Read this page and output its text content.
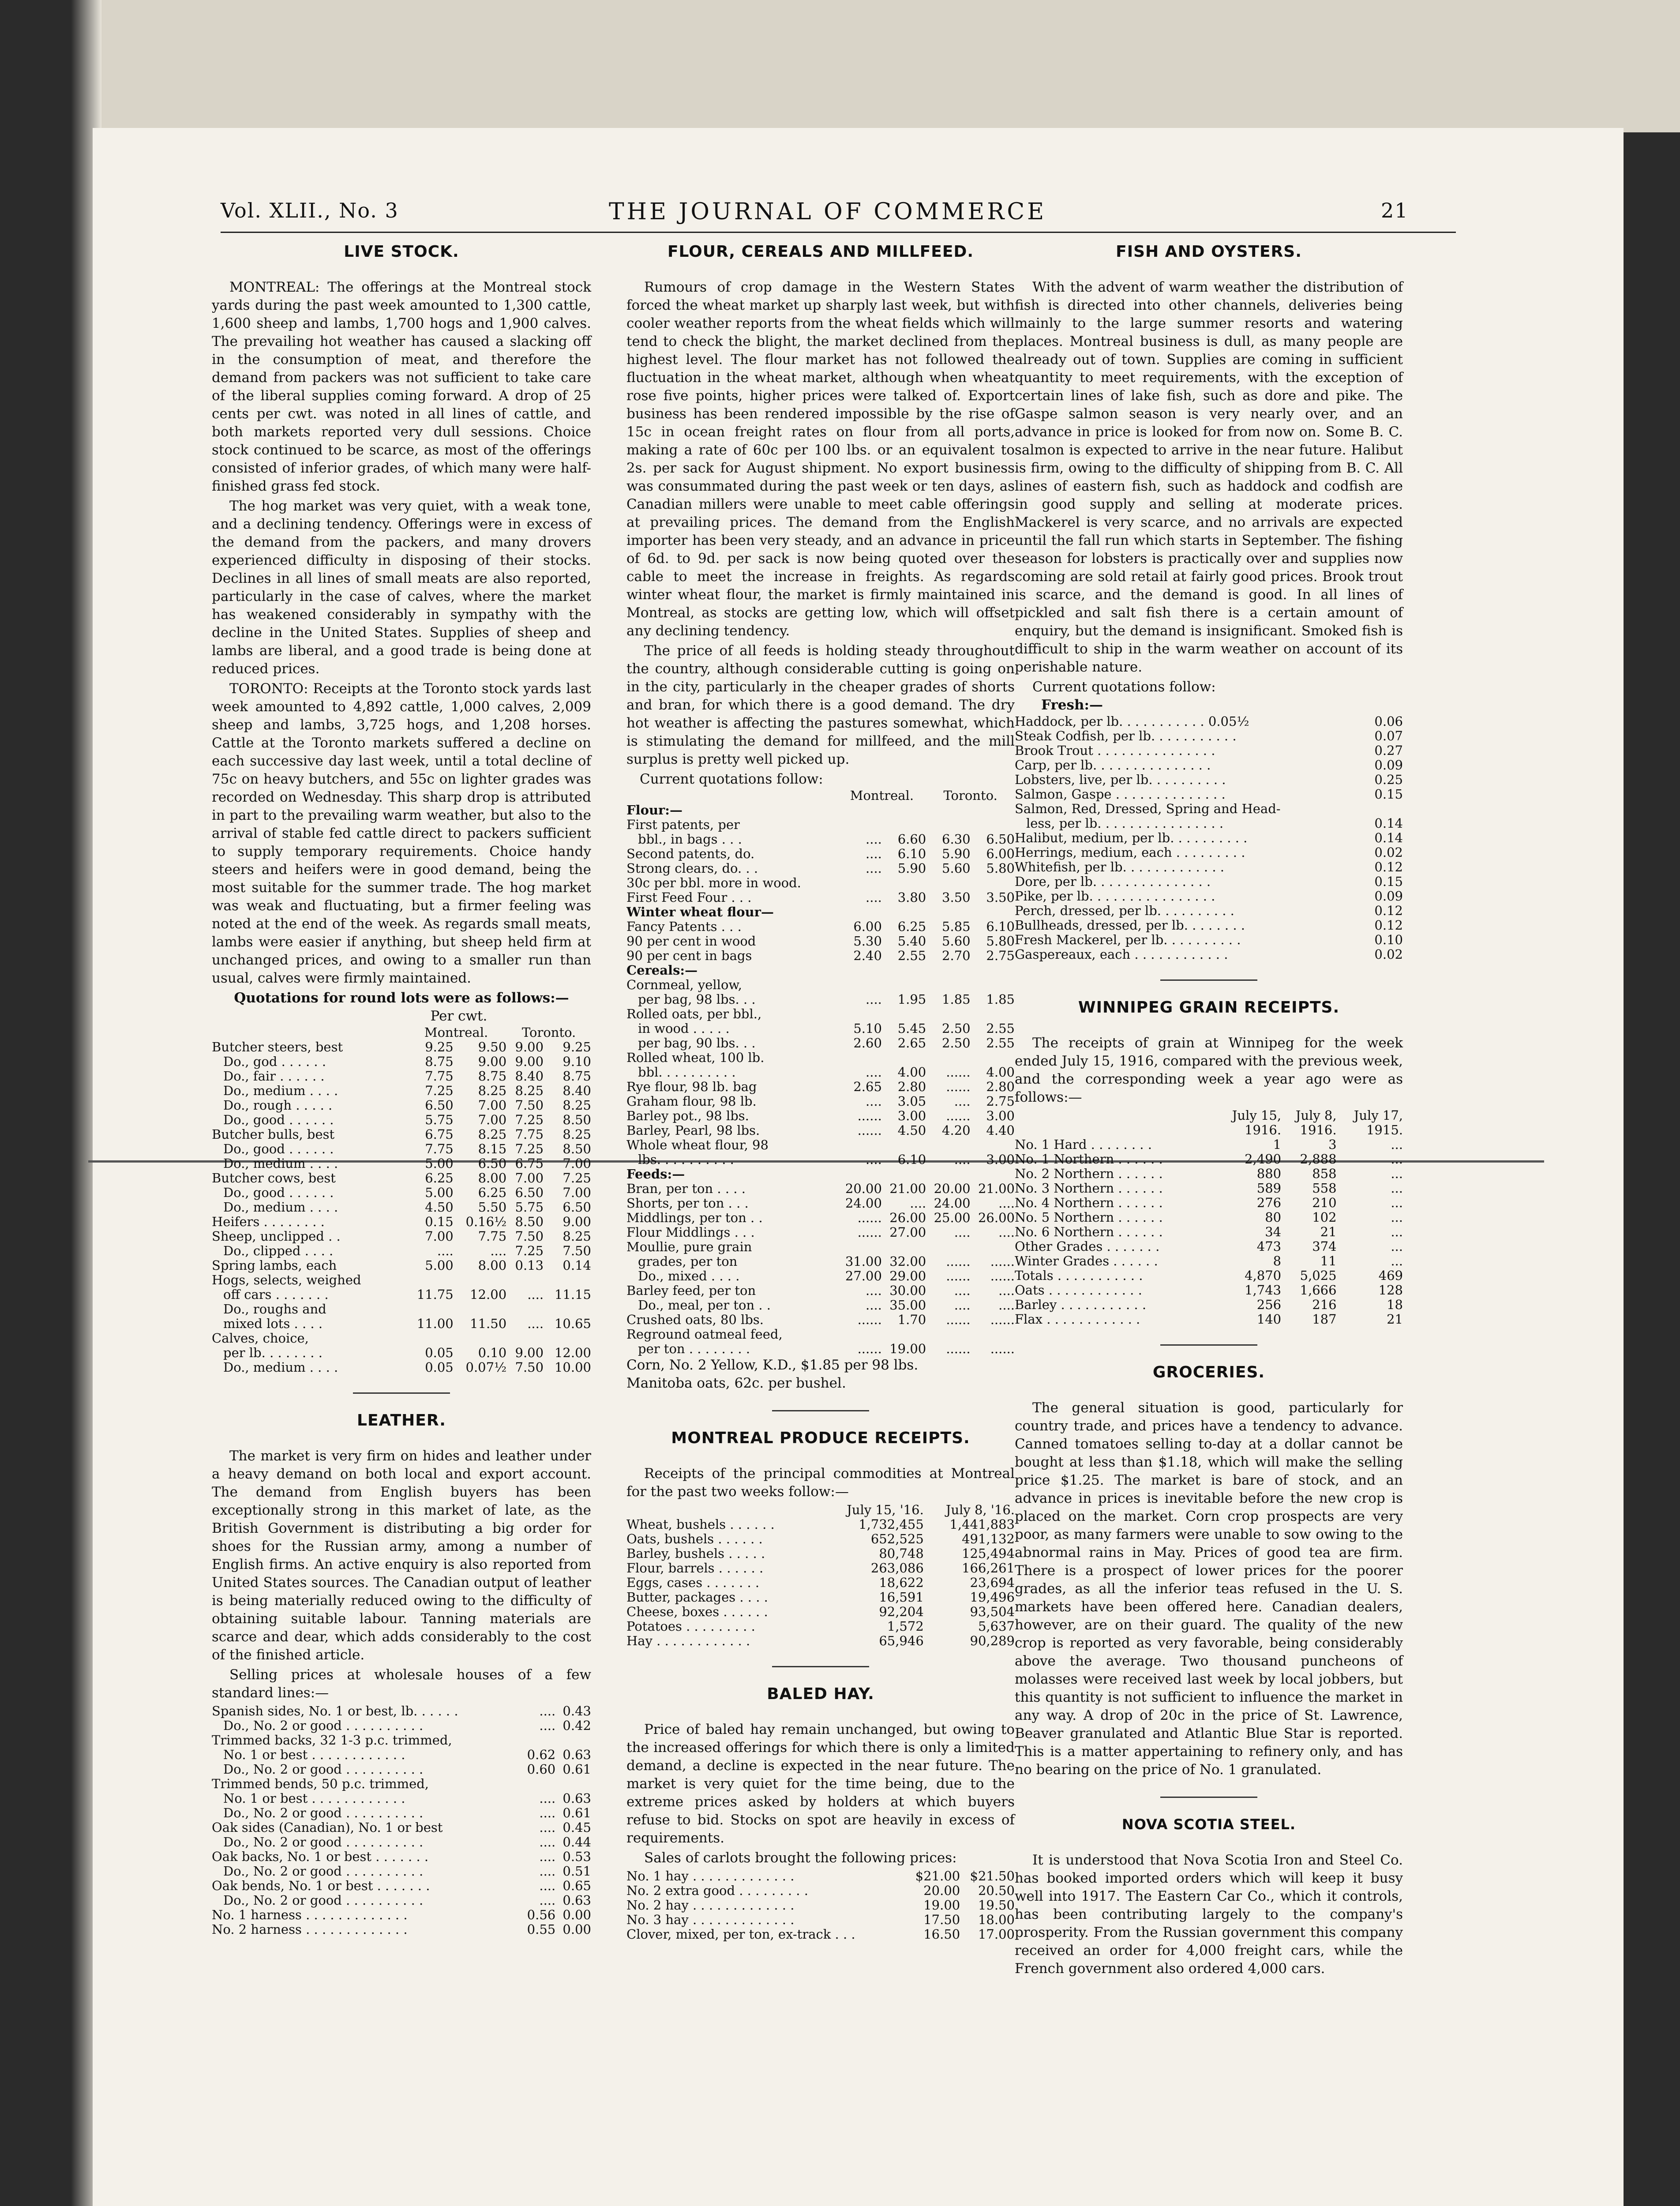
Vol. XLII., No. 3	THE JOURNAL OF COMMERCE	21
LIVE STOCK.

MONTREAL: The offerings at the Montreal stock yards during the past week amounted to 1,300 cattle, 1,600 sheep and lambs, 1,700 hogs and 1,900 calves. The prevailing hot weather has caused a slacking off in the consumption of meat, and therefore the demand from packers was not sufficient to take care of the liberal supplies coming forward. A drop of 25 cents per cwt. was noted in all lines of cattle, and both markets reported very dull sessions. Choice stock continued to be scarce, as most of the offerings consisted of inferior grades, of which many were half-finished grass fed stock.

The hog market was very quiet, with a weak tone, and a declining tendency. Offerings were in excess of the demand from the packers, and many drovers experienced difficulty in disposing of their stocks. Declines in all lines of small meats are also reported, particularly in the case of calves, where the market has weakened considerably in sympathy with the decline in the United States. Supplies of sheep and lambs are liberal, and a good trade is being done at reduced prices.

TORONTO: Receipts at the Toronto stock yards last week amounted to 4,892 cattle, 1,000 calves, 2,009 sheep and lambs, 3,725 hogs, and 1,208 horses. Cattle at the Toronto markets suffered a decline on each successive day last week, until a total decline of 75c on heavy butchers, and 55c on lighter grades was recorded on Wednesday. This sharp drop is attributed in part to the prevailing warm weather, but also to the arrival of stable fed cattle direct to packers sufficient to supply temporary requirements. Choice handy steers and heifers were in good demand, being the most suitable for the summer trade. The hog market was weak and fluctuating, but a firmer feeling was noted at the end of the week. As regards small meats, lambs were easier if anything, but sheep held firm at unchanged prices, and owing to a smaller run than usual, calves were firmly maintained.

Quotations for round lots were as follows:—
Per cwt.
	Montreal.		Toronto.	
Butcher steers, best	9.25	9.50	9.00	9.25
Do., god . . . . . .	8.75	9.00	9.00	9.10
Do., fair . . . . . .	7.75	8.75	8.40	8.75
Do., medium . . . .	7.25	8.25	8.25	8.40
Do., rough . . . . .	6.50	7.00	7.50	8.25
Do., good . . . . . .	5.75	7.00	7.25	8.50
Butcher bulls, best	6.75	8.25	7.75	8.25
Do., good . . . . . .	7.75	8.15	7.25	8.50
Do., medium . . . .	5.00	6.50	6.75	7.00
Butcher cows, best	6.25	8.00	7.00	7.25
Do., good . . . . . .	5.00	6.25	6.50	7.00
Do., medium . . . .	4.50	5.50	5.75	6.50
Heifers . . . . . . . .	0.15	0.16½	8.50	9.00
Sheep, unclipped . .	7.00	7.75	7.50	8.25
Do., clipped . . . .	....	....	7.25	7.50
Spring lambs, each	5.00	8.00	0.13	0.14
Hogs, selects, weighed				
off cars . . . . . . .	11.75	12.00	....	11.15
Do., roughs and				
mixed lots . . . .	11.00	11.50	....	10.65
Calves, choice,				
per lb. . . . . . . .	0.05	0.10	9.00	12.00
Do., medium . . . .	0.05	0.07½	7.50	10.00
LEATHER.

The market is very firm on hides and leather under a heavy demand on both local and export account. The demand from English buyers has been exceptionally strong in this market of late, as the British Government is distributing a big order for shoes for the Russian army, among a number of English firms. An active enquiry is also reported from United States sources. The Canadian output of leather is being materially reduced owing to the difficulty of obtaining suitable labour. Tanning materials are scarce and dear, which adds considerably to the cost of the finished article.

Selling prices at wholesale houses of a few standard lines:—

Spanish sides, No. 1 or best, lb. . . . . .	....	0.43
Do., No. 2 or good . . . . . . . . . .	....	0.42
Trimmed backs, 32 1-3 p.c. trimmed,		
No. 1 or best . . . . . . . . . . . .	0.62	0.63
Do., No. 2 or good . . . . . . . . . .	0.60	0.61
Trimmed bends, 50 p.c. trimmed,		
No. 1 or best . . . . . . . . . . . .	....	0.63
Do., No. 2 or good . . . . . . . . . .	....	0.61
Oak sides (Canadian), No. 1 or best	....	0.45
Do., No. 2 or good . . . . . . . . . .	....	0.44
Oak backs, No. 1 or best . . . . . . .	....	0.53
Do., No. 2 or good . . . . . . . . . .	....	0.51
Oak bends, No. 1 or best . . . . . . .	....	0.65
Do., No. 2 or good . . . . . . . . . .	....	0.63
No. 1 harness . . . . . . . . . . . . .	0.56	0.00
No. 2 harness . . . . . . . . . . . . .	0.55	0.00
FLOUR, CEREALS AND MILLFEED.

Rumours of crop damage in the Western States forced the wheat market up sharply last week, but with cooler weather reports from the wheat fields which will tend to check the blight, the market declined from the highest level. The flour market has not followed the fluctuation in the wheat market, although when wheat rose five points, higher prices were talked of. Export business has been rendered impossible by the rise of 15c in ocean freight rates on flour from all ports, making a rate of 60c per 100 lbs. or an equivalent to 2s. per sack for August shipment. No export business was consummated during the past week or ten days, as Canadian millers were unable to meet cable offerings at prevailing prices. The demand from the English importer has been very steady, and an advance in price of 6d. to 9d. per sack is now being quoted over the cable to meet the increase in freights. As regards winter wheat flour, the market is firmly maintained in Montreal, as stocks are getting low, which will offset any declining tendency.

The price of all feeds is holding steady throughout the country, although considerable cutting is going on in the city, particularly in the cheaper grades of shorts and bran, for which there is a good demand. The dry hot weather is affecting the pastures somewhat, which is stimulating the demand for millfeed, and the mill surplus is pretty well picked up.

Current quotations follow:
	Montreal.		Toronto.	
Flour:—				
First patents, per				
bbl., in bags . . .	....	6.60	6.30	6.50
Second patents, do.	....	6.10	5.90	6.00
Strong clears, do. . .	....	5.90	5.60	5.80
30c per bbl. more in wood.				
First Feed Four . . .	....	3.80	3.50	3.50
Winter wheat flour—				
Fancy Patents . . .	6.00	6.25	5.85	6.10
90 per cent in wood	5.30	5.40	5.60	5.80
90 per cent in bags	2.40	2.55	2.70	2.75
Cereals:—				
Cornmeal, yellow,				
per bag, 98 lbs. . .	....	1.95	1.85	1.85
Rolled oats, per bbl.,				
in wood . . . . .	5.10	5.45	2.50	2.55
per bag, 90 lbs. . .	2.60	2.65	2.50	2.55
Rolled wheat, 100 lb.				
bbl. . . . . . . . . .	....	4.00	......	4.00
Rye flour, 98 lb. bag	2.65	2.80	......	2.80
Graham flour, 98 lb.	....	3.05	....	2.75
Barley pot., 98 lbs.	......	3.00	......	3.00
Barley, Pearl, 98 lbs.	......	4.50	4.20	4.40
Whole wheat flour, 98				
lbs. . . . . . . . . .	....	6.10	....	3.00
Feeds:—				
Bran, per ton . . . .	20.00	21.00	20.00	21.00
Shorts, per ton . . .	24.00	....	24.00	....
Middlings, per ton . .	......	26.00	25.00	26.00
Flour Middlings . . .	......	27.00	....	....
Moullie, pure grain				
grades, per ton	31.00	32.00	......	......
Do., mixed . . . .	27.00	29.00	......	......
Barley feed, per ton	....	30.00	....	....
Do., meal, per ton . .	....	35.00	....	....
Crushed oats, 80 lbs.	......	1.70	......	......
Reground oatmeal feed,				
per ton . . . . . . . .	......	19.00	......	......
Corn, No. 2 Yellow, K.D., $1.85 per 98 lbs.
Manitoba oats, 62c. per bushel.
MONTREAL PRODUCE RECEIPTS.

Receipts of the principal commodities at Montreal for the past two weeks follow:—

	July 15, '16.	July 8, '16.
Wheat, bushels . . . . . .	1,732,455	1,441,883
Oats, bushels . . . . . .	652,525	491,132
Barley, bushels . . . . .	80,748	125,494
Flour, barrels . . . . . .	263,086	166,261
Eggs, cases . . . . . . .	18,622	23,694
Butter, packages . . . .	16,591	19,496
Cheese, boxes . . . . . .	92,204	93,504
Potatoes . . . . . . . . .	1,572	5,637
Hay . . . . . . . . . . . .	65,946	90,289
BALED HAY.

Price of baled hay remain unchanged, but owing to the increased offerings for which there is only a limited demand, a decline is expected in the near future. The market is very quiet for the time being, due to the extreme prices asked by holders at which buyers refuse to bid. Stocks on spot are heavily in excess of requirements.

Sales of carlots brought the following prices:

No. 1 hay . . . . . . . . . . . . .	$21.00	$21.50
No. 2 extra good . . . . . . . . .	20.00	20.50
No. 2 hay . . . . . . . . . . . . .	19.00	19.50
No. 3 hay . . . . . . . . . . . . .	17.50	18.00
Clover, mixed, per ton, ex-track . . .	16.50	17.00
FISH AND OYSTERS.

With the advent of warm weather the distribution of fish is directed into other channels, deliveries being mainly to the large summer resorts and watering places. Montreal business is dull, as many people are already out of town. Supplies are coming in sufficient quantity to meet requirements, with the exception of certain lines of lake fish, such as dore and pike. The Gaspe salmon season is very nearly over, and an advance in price is looked for from now on. Some B. C. salmon is expected to arrive in the near future. Halibut is firm, owing to the difficulty of shipping from B. C. All lines of eastern fish, such as haddock and codfish are in good supply and selling at moderate prices. Mackerel is very scarce, and no arrivals are expected until the fall run which starts in September. The fishing season for lobsters is practically over and supplies now coming are sold retail at fairly good prices. Brook trout is scarce, and the demand is good. In all lines of pickled and salt fish there is a certain amount of enquiry, but the demand is insignificant. Smoked fish is difficult to ship in the warm weather on account of its perishable nature.

Current quotations follow:
Fresh:—
Haddock, per lb. . . . . . . . . . . 0.05½	0.06
Steak Codfish, per lb. . . . . . . . . . .	0.07
Brook Trout . . . . . . . . . . . . . . .	0.27
Carp, per lb. . . . . . . . . . . . . . .	0.09
Lobsters, live, per lb. . . . . . . . . .	0.25
Salmon, Gaspe . . . . . . . . . . . . . .	0.15
Salmon, Red, Dressed, Spring and Head-	
less, per lb. . . . . . . . . . . . . . . .	0.14
Halibut, medium, per lb. . . . . . . . . .	0.14
Herrings, medium, each . . . . . . . . .	0.02
Whitefish, per lb. . . . . . . . . . . . .	0.12
Dore, per lb. . . . . . . . . . . . . . .	0.15
Pike, per lb. . . . . . . . . . . . . . . .	0.09
Perch, dressed, per lb. . . . . . . . . .	0.12
Bullheads, dressed, per lb. . . . . . . .	0.12
Fresh Mackerel, per lb. . . . . . . . . .	0.10
Gaspereaux, each . . . . . . . . . . . .	0.02
WINNIPEG GRAIN RECEIPTS.

The receipts of grain at Winnipeg for the week ended July 15, 1916, compared with the previous week, and the corresponding week a year ago were as follows:—

	July 15,	July 8,	July 17,
	1916.	1916.	1915.
No. 1 Hard . . . . . . . .	1	3	...
No. 1 Northern . . . . . .	2,490	2,888	...
No. 2 Northern . . . . . .	880	858	...
No. 3 Northern . . . . . .	589	558	...
No. 4 Northern . . . . . .	276	210	...
No. 5 Northern . . . . . .	80	102	...
No. 6 Northern . . . . . .	34	21	...
Other Grades . . . . . . .	473	374	...
Winter Grades . . . . . .	8	11	...

Totals . . . . . . . . . . .	4,870	5,025	469
Oats . . . . . . . . . . . .	1,743	1,666	128
Barley . . . . . . . . . . .	256	216	18
Flax . . . . . . . . . . . .	140	187	21
GROCERIES.

The general situation is good, particularly for country trade, and prices have a tendency to advance. Canned tomatoes selling to-day at a dollar cannot be bought at less than $1.18, which will make the selling price $1.25. The market is bare of stock, and an advance in prices is inevitable before the new crop is placed on the market. Corn crop prospects are very poor, as many farmers were unable to sow owing to the abnormal rains in May. Prices of good tea are firm. There is a prospect of lower prices for the poorer grades, as all the inferior teas refused in the U. S. markets have been offered here. Canadian dealers, however, are on their guard. The quality of the new crop is reported as very favorable, being considerably above the average. Two thousand puncheons of molasses were received last week by local jobbers, but this quantity is not sufficient to influence the market in any way. A drop of 20c in the price of St. Lawrence, Beaver granulated and Atlantic Blue Star is reported. This is a matter appertaining to refinery only, and has no bearing on the price of No. 1 granulated.

NOVA SCOTIA STEEL.

It is understood that Nova Scotia Iron and Steel Co. has booked imported orders which will keep it busy well into 1917. The Eastern Car Co., which it controls, has been contributing largely to the company's prosperity. From the Russian government this company received an order for 4,000 freight cars, while the French government also ordered 4,000 cars.
